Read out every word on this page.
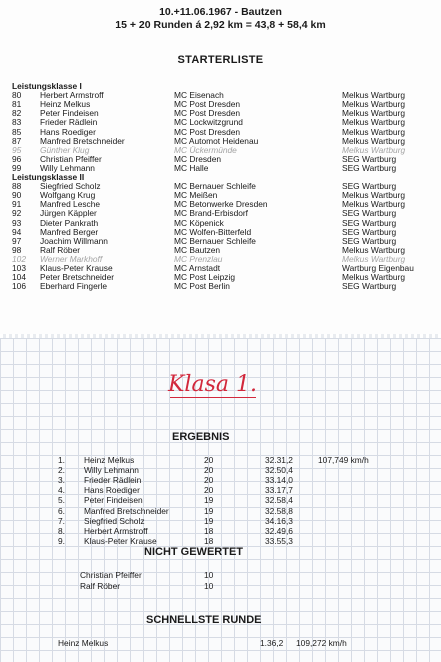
10.+11.06.1967 - Bautzen
15 + 20 Runden á 2,92 km = 43,8 + 58,4 km
STARTERLISTE
Leistungsklasse I
80 Herbert Armstroff	MC Eisenach	Melkus Wartburg
81 Heinz Melkus	MC Post Dresden	Melkus Wartburg
82 Peter Findeisen	MC Post Dresden	Melkus Wartburg
83 Frieder Rädlein	MC Lockwitzgrund	Melkus Wartburg
85 Hans Roediger	MC Post Dresden	Melkus Wartburg
87 Manfred Bretschneider	MC Automot Heidenau	Melkus Wartburg
95 Günther Klug	MC Ückermünde	Melkus Wartburg
96 Christian Pfeiffer	MC Dresden	SEG Wartburg
99 Willy Lehmann	MC Halle	SEG Wartburg
Leistungsklasse II
88 Siegfried Scholz	MC Bernauer Schleife	SEG Wartburg
90 Wolfgang Krug	MC Meißen	Melkus Wartburg
91 Manfred Lesche	MC Betonwerke Dresden	Melkus Wartburg
92 Jürgen Käppler	MC Brand-Erbisdorf	SEG Wartburg
93 Dieter Pankrath	MC Köpenick	SEG Wartburg
94 Manfred Berger	MC Wolfen-Bitterfeld	SEG Wartburg
97 Joachim Willmann	MC Bernauer Schleife	SEG Wartburg
98 Ralf Röber	MC Bautzen	Melkus Wartburg
102 Werner Markhoff	MC Prenzlau	Melkus Wartburg
103 Klaus-Peter Krause	MC Arnstadt	Wartburg Eigenbau
104 Peter Bretschneider	MC Post Leipzig	Melkus Wartburg
106 Eberhard Fingerle	MC Post Berlin	SEG Wartburg
Klasa 1.
ERGEBNIS
1. Heinz Melkus	20	32.31,2	107,749 km/h
2. Willy Lehmann	20	32.50,4
3. Frieder Rädlein	20	33.14,0
4. Hans Roediger	20	33.17,7
5. Peter Findeisen	19	32.58,4
6. Manfred Bretschneider	19	32.58,8
7. Siegfried Scholz	19	34.16,3
8. Herbert Armstroff	18	32.49,6
9. Klaus-Peter Krause	18	33.55,3
NICHT GEWERTET
Christian Pfeiffer	10
Ralf Röber	10
SCHNELLSTE RUNDE
Heinz Melkus	1.36,2 109,272 km/h
